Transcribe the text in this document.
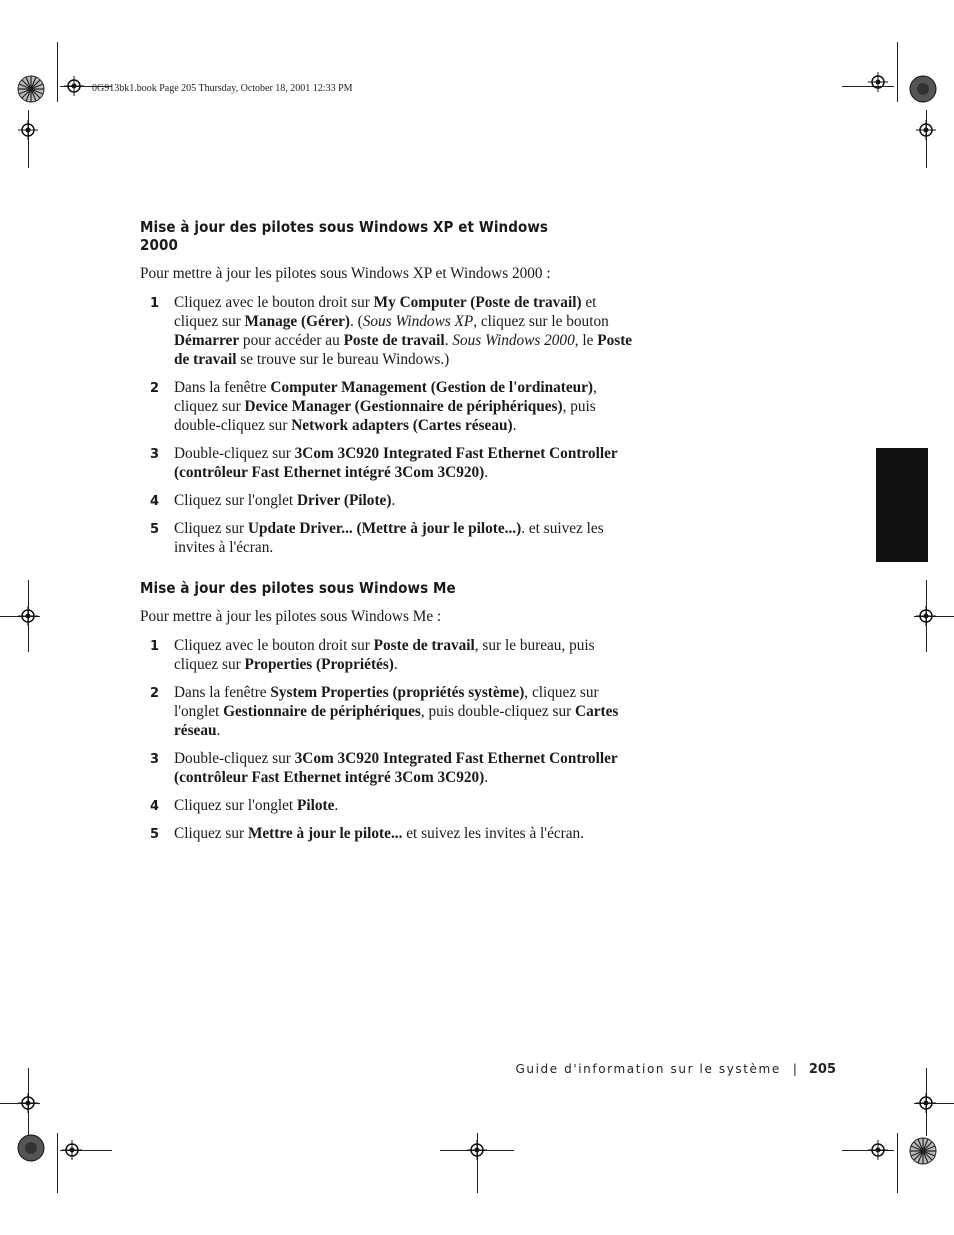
0G913bk1.book Page 205 Thursday, October 18, 2001 12:33 PM
Mise à jour des pilotes sous Windows XP et Windows 2000

Pour mettre à jour les pilotes sous Windows XP et Windows 2000 :

1 Cliquez avec le bouton droit sur My Computer (Poste de travail) et cliquez sur Manage (Gérer). (Sous Windows XP, cliquez sur le bouton Démarrer pour accéder au Poste de travail. Sous Windows 2000, le Poste de travail se trouve sur le bureau Windows.)
2 Dans la fenêtre Computer Management (Gestion de l'ordinateur), cliquez sur Device Manager (Gestionnaire de périphériques), puis double-cliquez sur Network adapters (Cartes réseau).
3 Double-cliquez sur 3Com 3C920 Integrated Fast Ethernet Controller (contrôleur Fast Ethernet intégré 3Com 3C920).
4 Cliquez sur l'onglet Driver (Pilote).
5 Cliquez sur Update Driver... (Mettre à jour le pilote...). et suivez les invites à l'écran.
Mise à jour des pilotes sous Windows Me

Pour mettre à jour les pilotes sous Windows Me :

1 Cliquez avec le bouton droit sur Poste de travail, sur le bureau, puis cliquez sur Properties (Propriétés).
2 Dans la fenêtre System Properties (propriétés système), cliquez sur l'onglet Gestionnaire de périphériques, puis double-cliquez sur Cartes réseau.
3 Double-cliquez sur 3Com 3C920 Integrated Fast Ethernet Controller (contrôleur Fast Ethernet intégré 3Com 3C920).
4 Cliquez sur l'onglet Pilote.
5 Cliquez sur Mettre à jour le pilote... et suivez les invites à l'écran.
Guide d'information sur le système | 205
